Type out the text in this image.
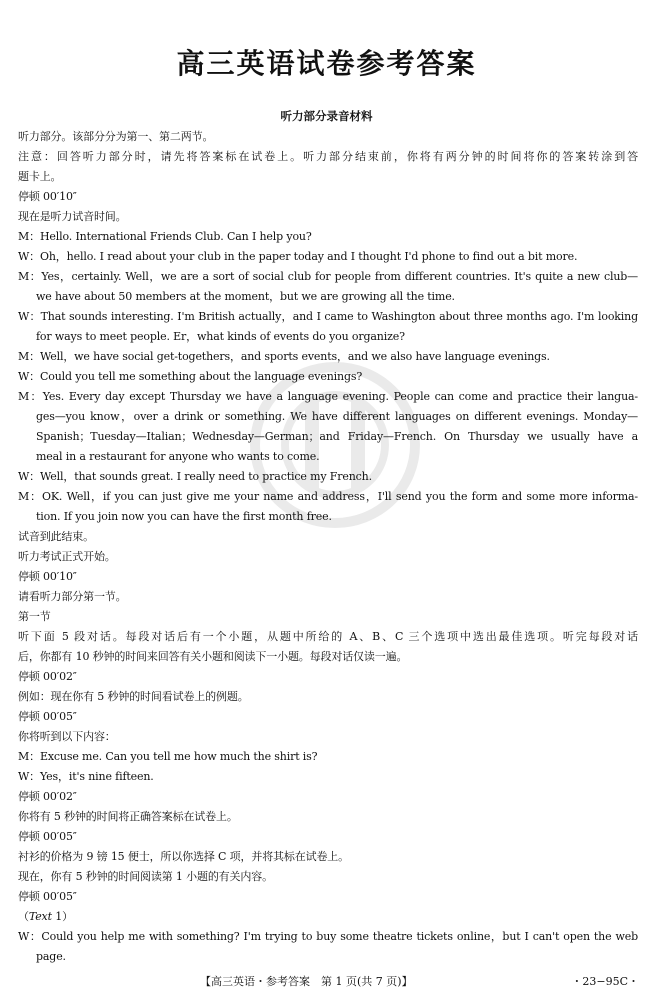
高三英语试卷参考答案
听力部分录音材料
听力部分。该部分分为第一、第二两节。
注意：回答听力部分时，请先将答案标在试卷上。听力部分结束前，你将有两分钟的时间将你的答案转涂到答
题卡上。
停顿 00′10″
现在是听力试音时间。
M：Hello. International Friends Club. Can I help you?
W：Oh，hello. I read about your club in the paper today and I thought I'd phone to find out a bit more.
M：Yes，certainly. Well，we are a sort of social club for people from different countries. It's quite a new club—
we have about 50 members at the moment，but we are growing all the time.
W：That sounds interesting. I'm British actually，and I came to Washington about three months ago. I'm looking
for ways to meet people. Er，what kinds of events do you organize?
M：Well，we have social get-togethers，and sports events，and we also have language evenings.
W：Could you tell me something about the language evenings?
M：Yes. Every day except Thursday we have a language evening. People can come and practice their langua-
ges—you know，over a drink or something. We have different languages on different evenings. Monday—
Spanish；Tuesday—Italian；Wednesday—German；and Friday—French. On Thursday we usually have a
meal in a restaurant for anyone who wants to come.
W：Well，that sounds great. I really need to practice my French.
M：OK. Well，if you can just give me your name and address，I'll send you the form and some more informa-
tion. If you join now you can have the first month free.
试音到此结束。
听力考试正式开始。
停顿 00′10″
请看听力部分第一节。
第一节
听下面 5 段对话。每段对话后有一个小题，从题中所给的 A、B、C 三个选项中选出最佳选项。听完每段对话
后，你都有 10 秒钟的时间来回答有关小题和阅读下一小题。每段对话仅读一遍。
停顿 00′02″
例如：现在你有 5 秒钟的时间看试卷上的例题。
停顿 00′05″
你将听到以下内容：
M：Excuse me. Can you tell me how much the shirt is?
W：Yes，it's nine fifteen.
停顿 00′02″
你将有 5 秒钟的时间将正确答案标在试卷上。
停顿 00′05″
衬衫的价格为 9 镑 15 便士，所以你选择 C 项，并将其标在试卷上。
现在，你有 5 秒钟的时间阅读第 1 小题的有关内容。
停顿 00′05″
（Text 1）
W：Could you help me with something? I'm trying to buy some theatre tickets online，but I can't open the web
page.
【高三英语・参考答案　第 1 页(共 7 页)】	・23−95C・
